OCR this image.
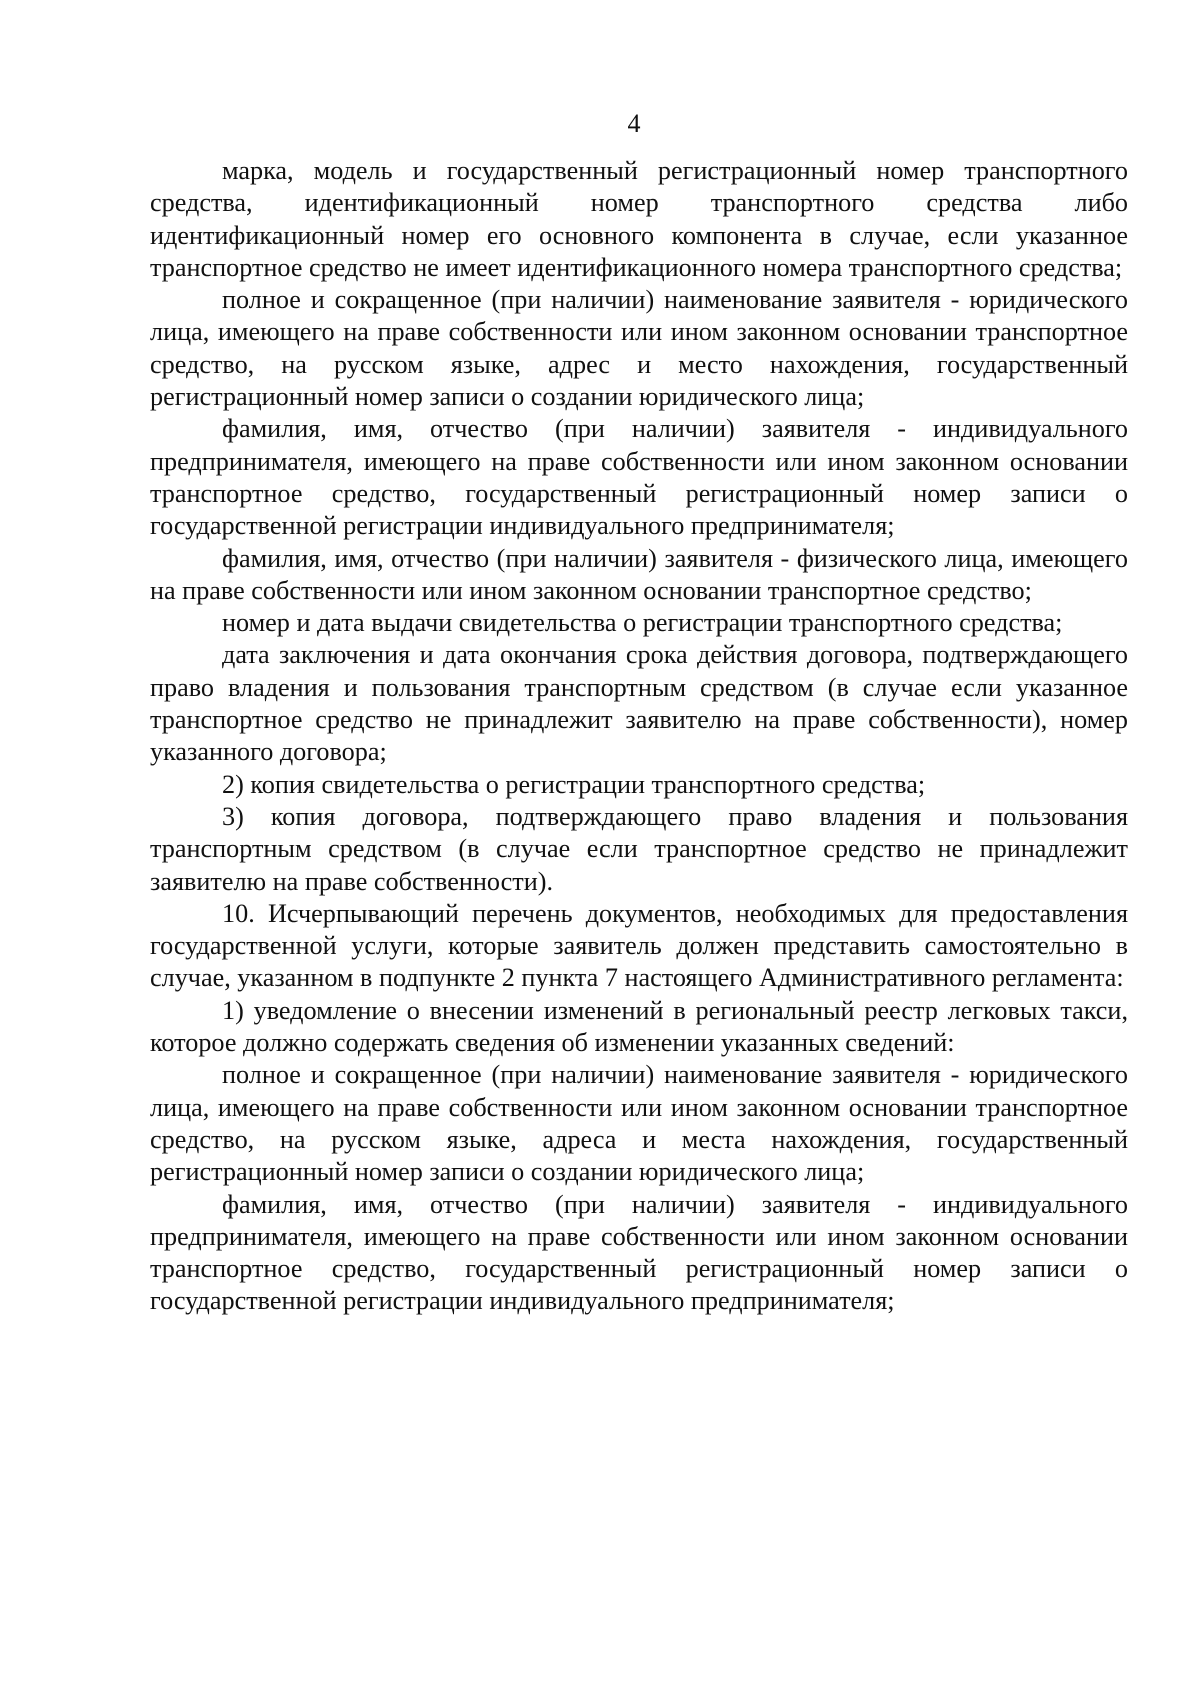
4

марка, модель и государственный регистрационный номер транспортного средства, идентификационный номер транспортного средства либо идентификационный номер его основного компонента в случае, если указанное транспортное средство не имеет идентификационного номера транспортного средства;

полное и сокращенное (при наличии) наименование заявителя - юридического лица, имеющего на праве собственности или ином законном основании транспортное средство, на русском языке, адрес и место нахождения, государственный регистрационный номер записи о создании юридического лица;

фамилия, имя, отчество (при наличии) заявителя - индивидуального предпринимателя, имеющего на праве собственности или ином законном основании транспортное средство, государственный регистрационный номер записи о государственной регистрации индивидуального предпринимателя;

фамилия, имя, отчество (при наличии) заявителя - физического лица, имеющего на праве собственности или ином законном основании транспортное средство;

номер и дата выдачи свидетельства о регистрации транспортного средства;

дата заключения и дата окончания срока действия договора, подтверждающего право владения и пользования транспортным средством (в случае если указанное транспортное средство не принадлежит заявителю на праве собственности), номер указанного договора;

2) копия свидетельства о регистрации транспортного средства;

3) копия договора, подтверждающего право владения и пользования транспортным средством (в случае если транспортное средство не принадлежит заявителю на праве собственности).

10. Исчерпывающий перечень документов, необходимых для предоставления государственной услуги, которые заявитель должен представить самостоятельно в случае, указанном в подпункте 2 пункта 7 настоящего Административного регламента:

1) уведомление о внесении изменений в региональный реестр легковых такси, которое должно содержать сведения об изменении указанных сведений:

полное и сокращенное (при наличии) наименование заявителя - юридического лица, имеющего на праве собственности или ином законном основании транспортное средство, на русском языке, адреса и места нахождения, государственный регистрационный номер записи о создании юридического лица;

фамилия, имя, отчество (при наличии) заявителя - индивидуального предпринимателя, имеющего на праве собственности или ином законном основании транспортное средство, государственный регистрационный номер записи о государственной регистрации индивидуального предпринимателя;
